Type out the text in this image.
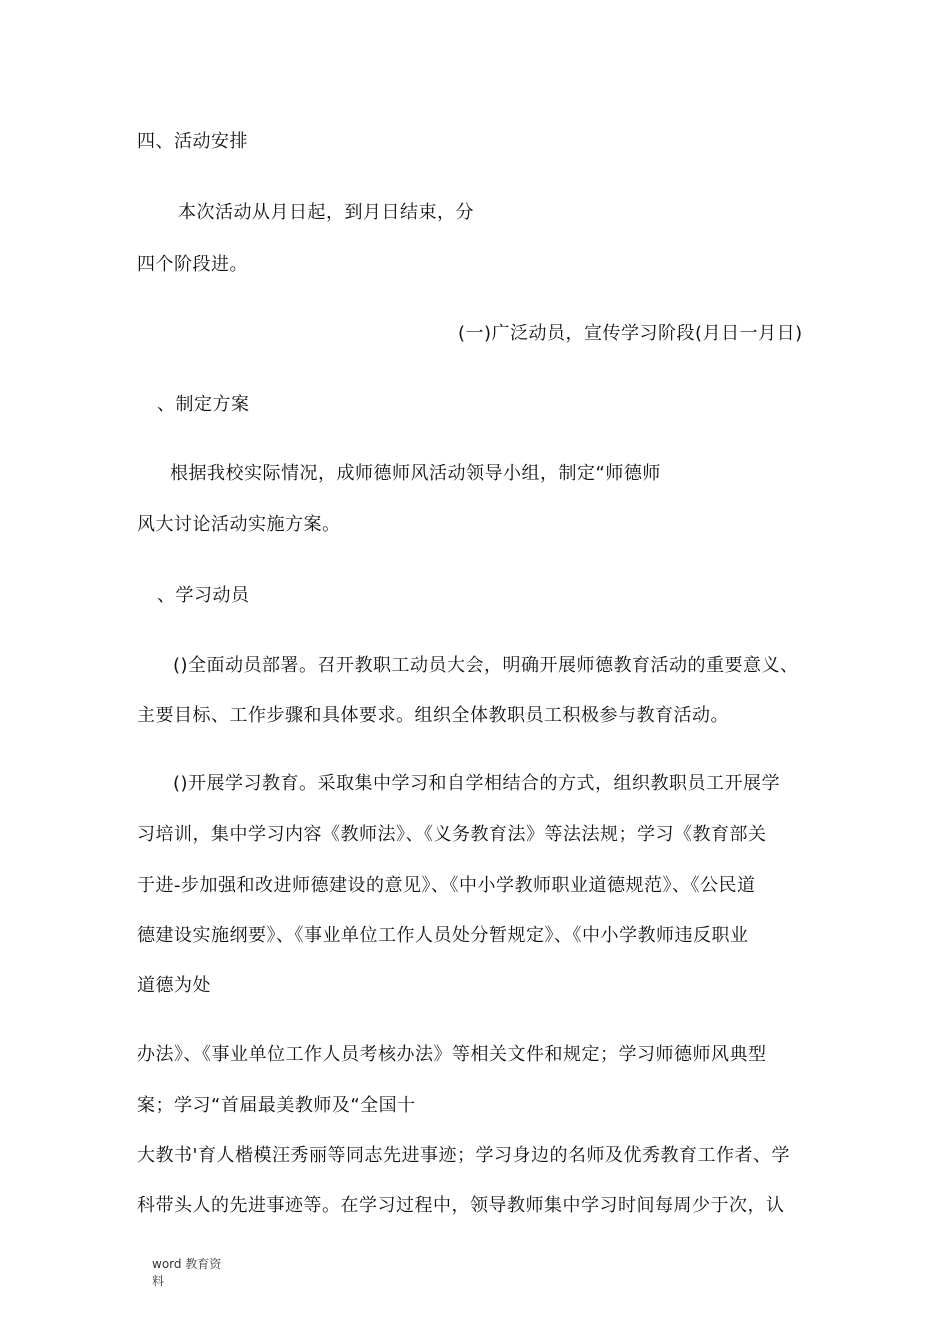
四、活动安排
本次活动从月日起，到月日结束，分
四个阶段进。
(一)广泛动员，宣传学习阶段(月日一月日)
、制定方案
根据我校实际情况，成师德师风活动领导小组，制定“师德师
风大讨论活动实施方案。
、学习动员
()全面动员部署。召开教职工动员大会，明确开展师德教育活动的重要意义、
主要目标、工作步骤和具体要求。组织全体教职员工积极参与教育活动。
()开展学习教育。采取集中学习和自学相结合的方式，组织教职员工开展学
习培训，集中学习内容《教师法》、《义务教育法》等法法规；学习《教育部关
于进-步加强和改进师德建设的意见》、《中小学教师职业道德规范》、《公民道
德建设实施纲要》、《事业单位工作人员处分暂规定》、《中小学教师违反职业
道德为处
办法》、《事业单位工作人员考核办法》等相关文件和规定；学习师德师风典型
案；学习“首届最美教师及“全国十
大教书'育人楷模汪秀丽等同志先进事迹；学习身边的名师及优秀教育工作者、学
科带头人的先进事迹等。在学习过程中，领导教师集中学习时间每周少于次，认
word 教育资
料
